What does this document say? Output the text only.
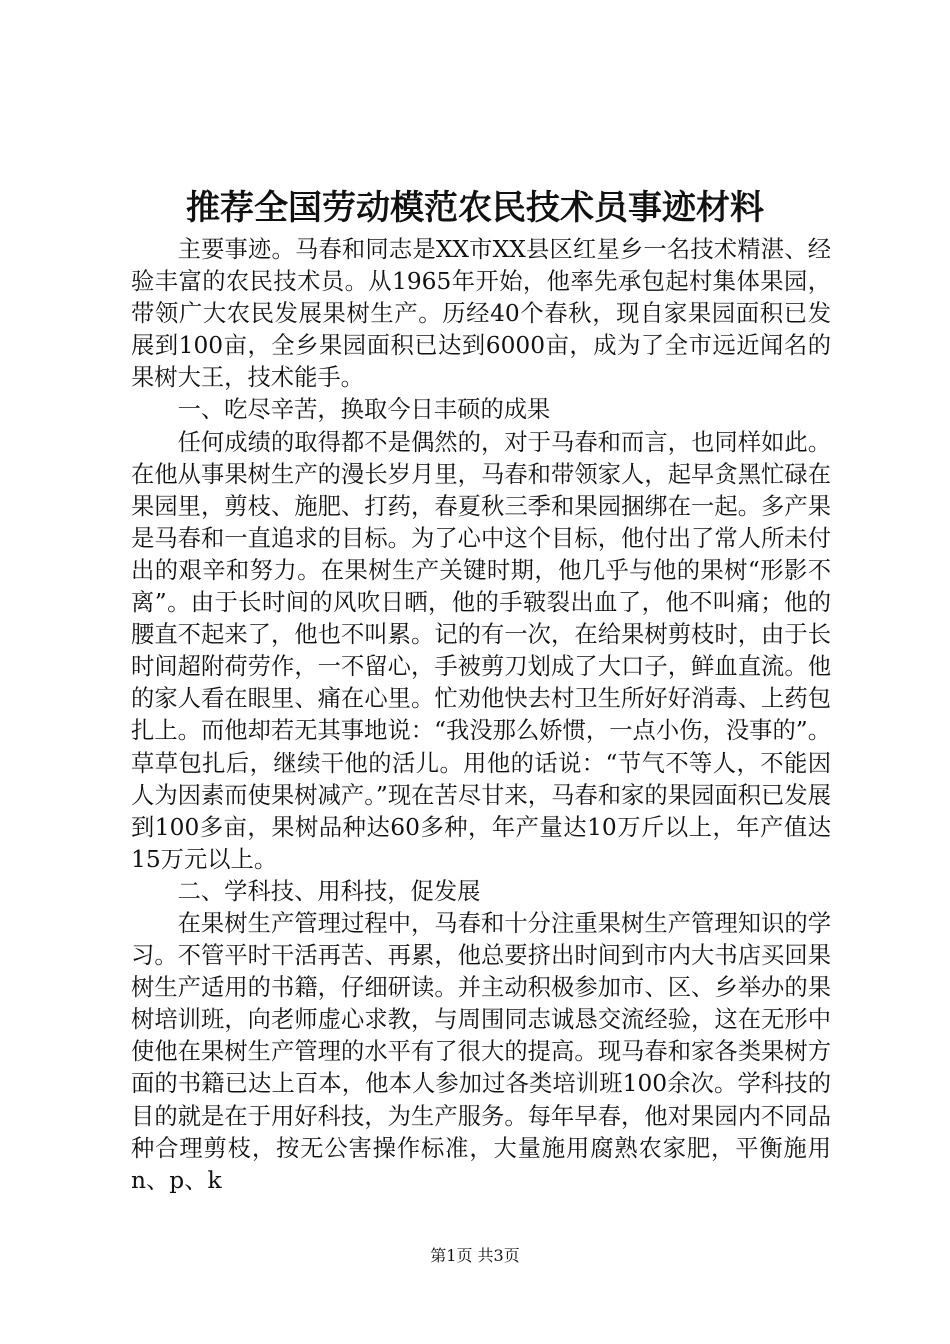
推荐全国劳动模范农民技术员事迹材料

主要事迹。马春和同志是XX市XX县区红星乡一名技术精湛、经验丰富的农民技术员。从1965年开始，他率先承包起村集体果园，带领广大农民发展果树生产。历经40个春秋，现自家果园面积已发展到100亩，全乡果园面积已达到6000亩，成为了全市远近闻名的果树大王，技术能手。

一、吃尽辛苦，换取今日丰硕的成果

任何成绩的取得都不是偶然的，对于马春和而言，也同样如此。在他从事果树生产的漫长岁月里，马春和带领家人，起早贪黑忙碌在果园里，剪枝、施肥、打药，春夏秋三季和果园捆绑在一起。多产果是马春和一直追求的目标。为了心中这个目标，他付出了常人所未付出的艰辛和努力。在果树生产关键时期，他几乎与他的果树“形影不离”。由于长时间的风吹日晒，他的手皲裂出血了，他不叫痛；他的腰直不起来了，他也不叫累。记的有一次，在给果树剪枝时，由于长时间超附荷劳作，一不留心，手被剪刀划成了大口子，鲜血直流。他的家人看在眼里、痛在心里。忙劝他快去村卫生所好好消毒、上药包扎上。而他却若无其事地说：“我没那么娇惯，一点小伤，没事的”。草草包扎后，继续干他的活儿。用他的话说：“节气不等人，不能因人为因素而使果树减产。”现在苦尽甘来，马春和家的果园面积已发展到100多亩，果树品种达60多种，年产量达10万斤以上，年产值达15万元以上。

二、学科技、用科技，促发展

在果树生产管理过程中，马春和十分注重果树生产管理知识的学习。不管平时干活再苦、再累，他总要挤出时间到市内大书店买回果树生产适用的书籍，仔细研读。并主动积极参加市、区、乡举办的果树培训班，向老师虚心求教，与周围同志诚恳交流经验，这在无形中使他在果树生产管理的水平有了很大的提高。现马春和家各类果树方面的书籍已达上百本，他本人参加过各类培训班100余次。学科技的目的就是在于用好科技，为生产服务。每年早春，他对果园内不同品种合理剪枝，按无公害操作标准，大量施用腐熟农家肥，平衡施用n、p、k

第1页 共3页
